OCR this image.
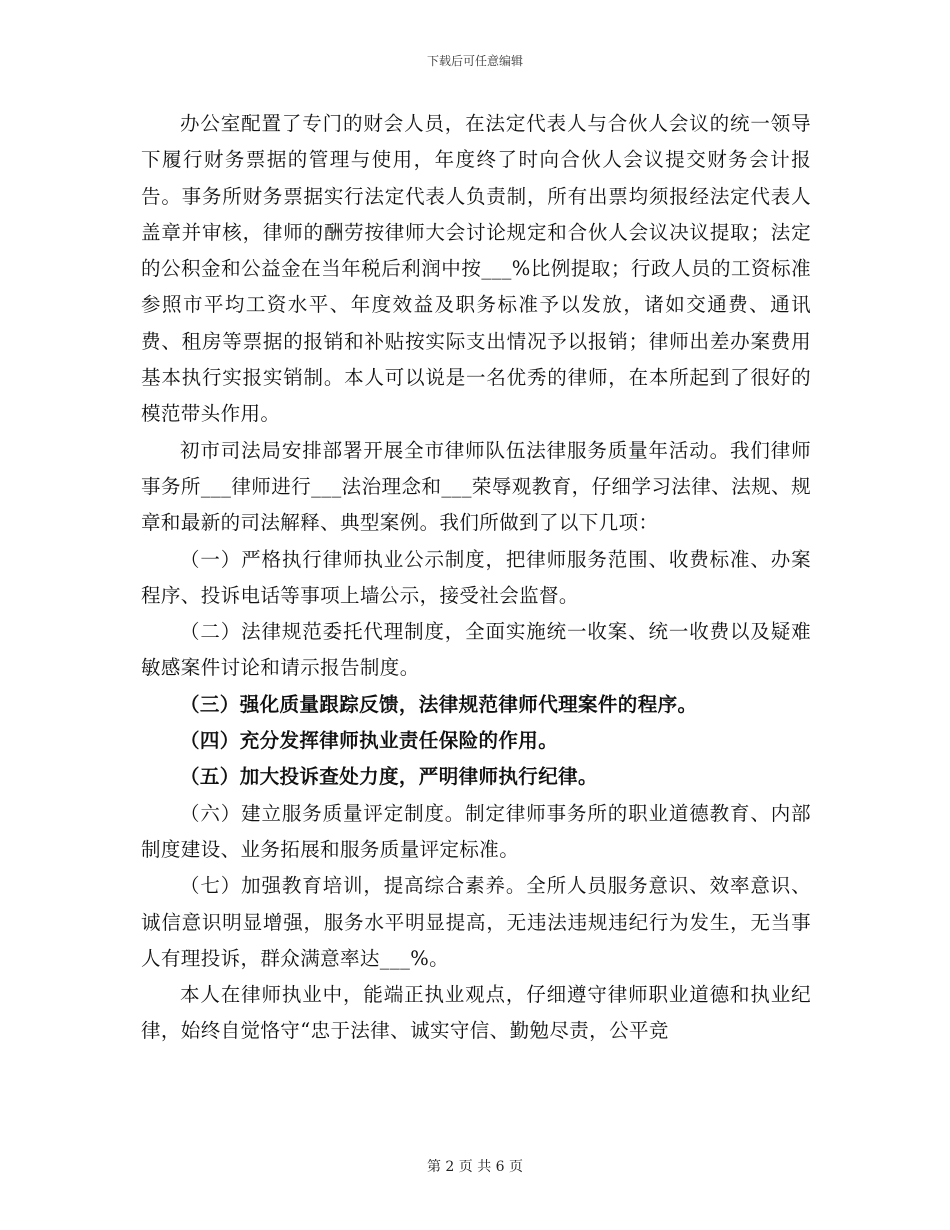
下载后可任意编辑

办公室配置了专门的财会人员，在法定代表人与合伙人会议的统一领导下履行财务票据的管理与使用，年度终了时向合伙人会议提交财务会计报告。事务所财务票据实行法定代表人负责制，所有出票均须报经法定代表人盖章并审核，律师的酬劳按律师大会讨论规定和合伙人会议决议提取；法定的公积金和公益金在当年税后利润中按___%比例提取；行政人员的工资标准参照市平均工资水平、年度效益及职务标准予以发放，诸如交通费、通讯费、租房等票据的报销和补贴按实际支出情况予以报销；律师出差办案费用基本执行实报实销制。本人可以说是一名优秀的律师，在本所起到了很好的模范带头作用。

初市司法局安排部署开展全市律师队伍法律服务质量年活动。我们律师事务所___律师进行___法治理念和___荣辱观教育，仔细学习法律、法规、规章和最新的司法解释、典型案例。我们所做到了以下几项：

（一）严格执行律师执业公示制度，把律师服务范围、收费标准、办案程序、投诉电话等事项上墙公示，接受社会监督。

（二）法律规范委托代理制度，全面实施统一收案、统一收费以及疑难敏感案件讨论和请示报告制度。

（三）强化质量跟踪反馈，法律规范律师代理案件的程序。

（四）充分发挥律师执业责任保险的作用。

（五）加大投诉查处力度，严明律师执行纪律。

（六）建立服务质量评定制度。制定律师事务所的职业道德教育、内部制度建设、业务拓展和服务质量评定标准。

（七）加强教育培训，提高综合素养。全所人员服务意识、效率意识、诚信意识明显增强，服务水平明显提高，无违法违规违纪行为发生，无当事人有理投诉，群众满意率达___%。

本人在律师执业中，能端正执业观点，仔细遵守律师职业道德和执业纪律，始终自觉恪守“忠于法律、诚实守信、勤勉尽责，公平竞

第 2 页 共 6 页
